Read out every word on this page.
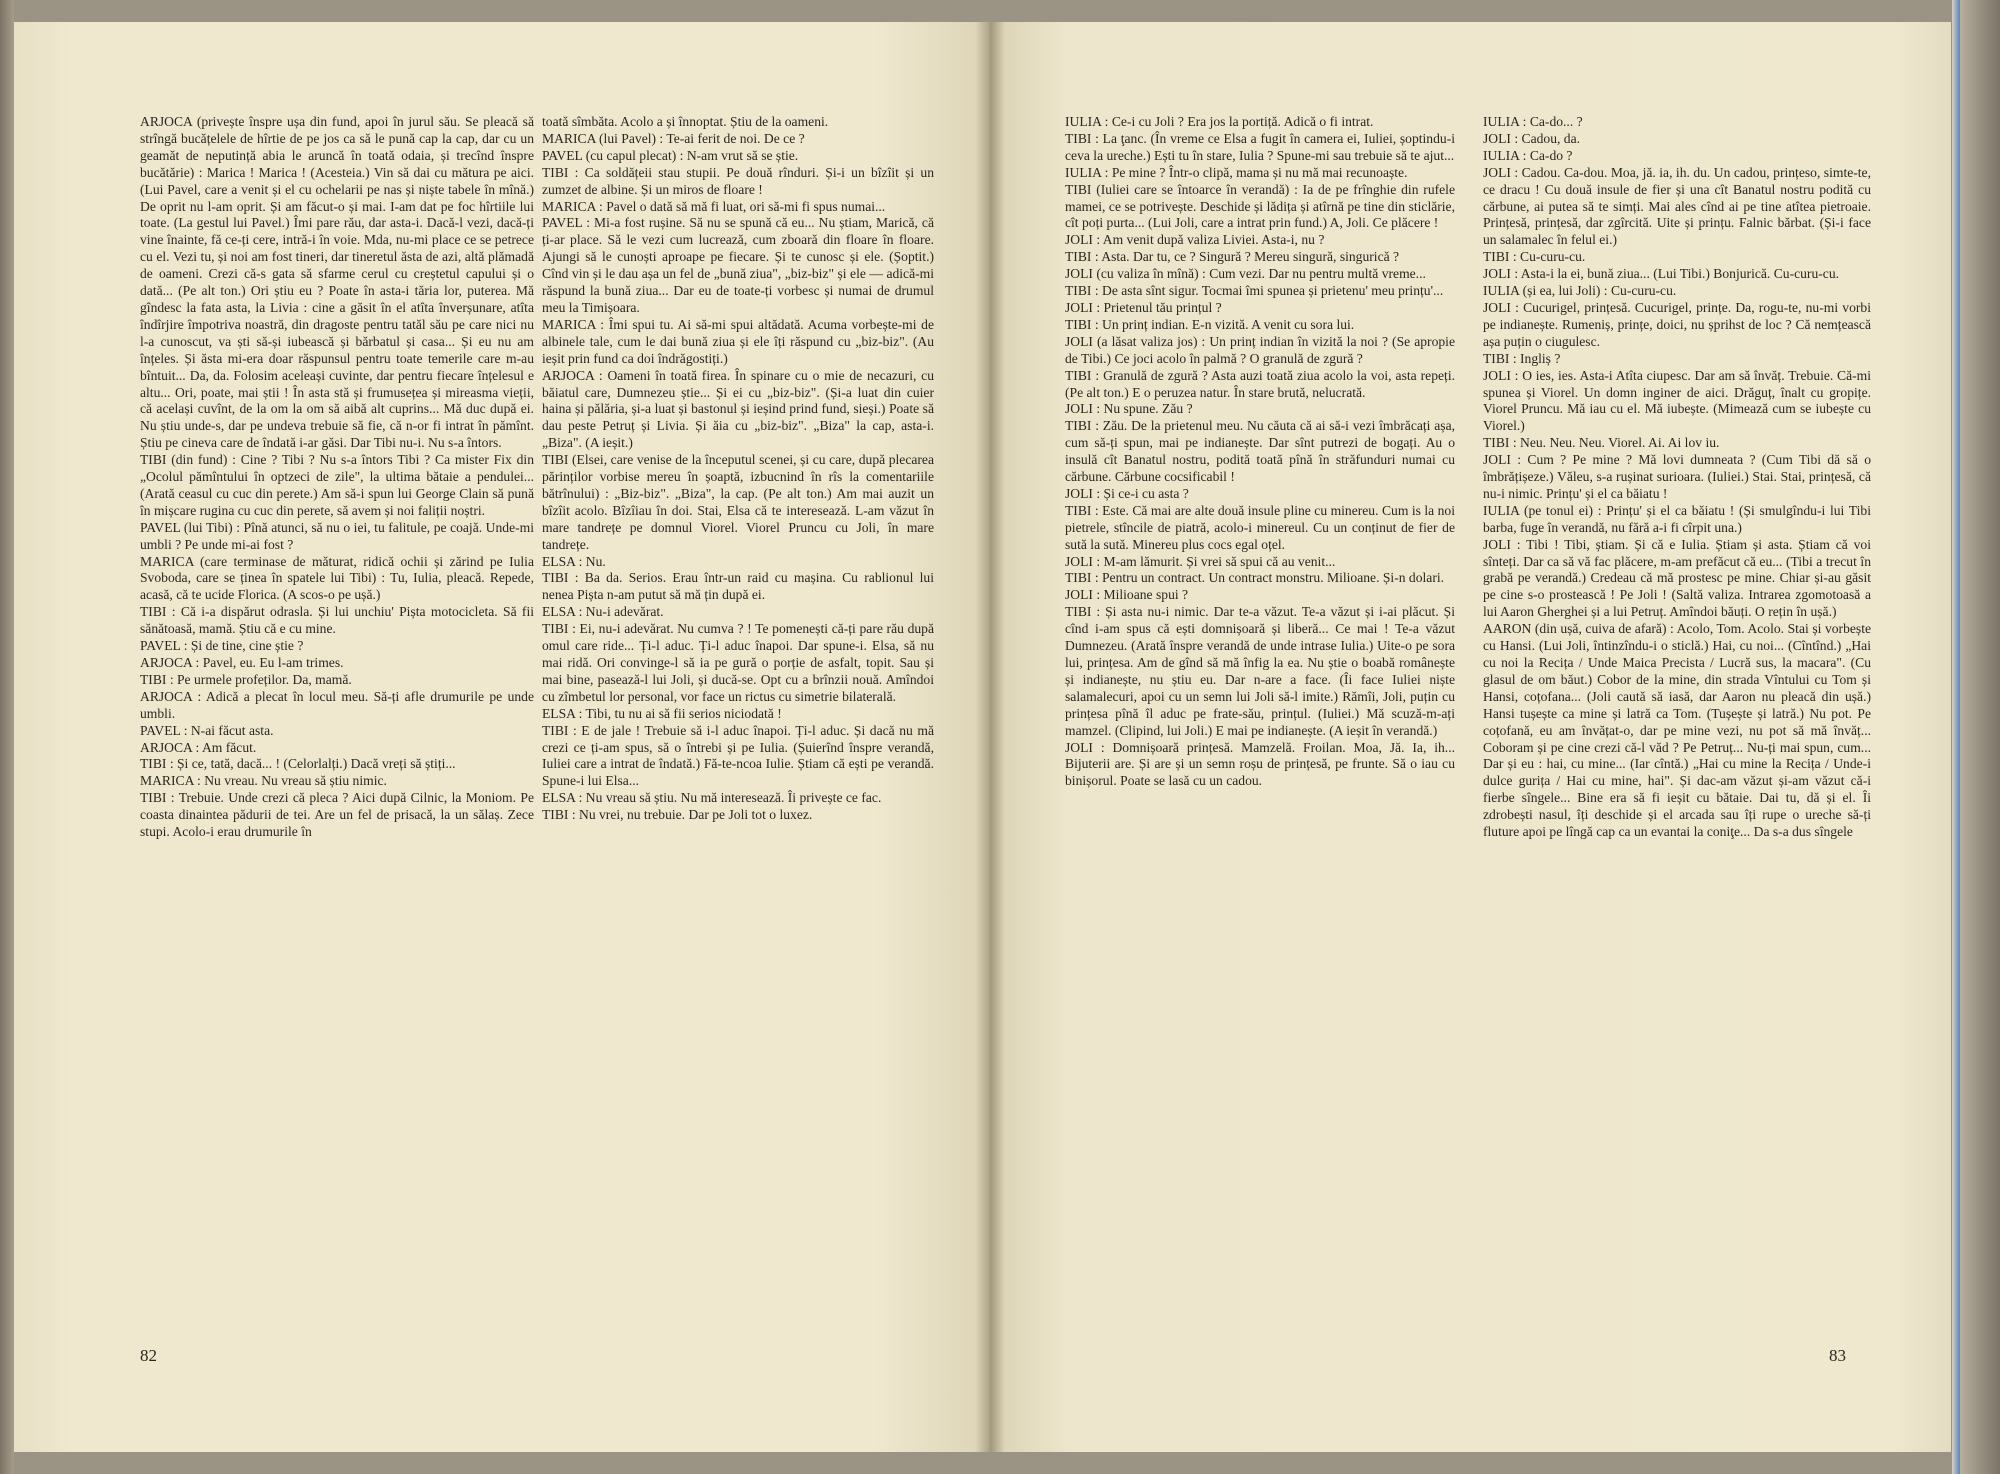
ARJOCA (privește înspre ușa din fund, apoi în jurul său. Se pleacă să strîngă bucățelele de hîrtie de pe jos ca să le pună cap la cap, dar cu un geamăt de neputință abia le aruncă în toată odaia, și trecînd înspre bucătărie) : Marica ! Marica ! (Acesteia.) Vin să dai cu mătura pe aici. (Lui Pavel, care a venit și el cu ochelarii pe nas și niște tabele în mînă.) De oprit nu l-am oprit. Și am făcut-o și mai. I-am dat pe foc hîrtiile lui toate. (La gestul lui Pavel.) Îmi pare rău, dar asta-i. Dacă-l vezi, dacă-ți vine înainte, fă ce-ți cere, intră-i în voie. Mda, nu-mi place ce se petrece cu el. Vezi tu, și noi am fost tineri, dar tineretul ăsta de azi, altă plămadă de oameni. Crezi că-s gata să sfarme cerul cu creștetul capului și o dată... (Pe alt ton.) Ori știu eu ? Poate în asta-i tăria lor, puterea. Mă gîndesc la fata asta, la Livia : cine a găsit în el atîta înverșunare, atîta îndîrjire împotriva noastră, din dragoste pentru tatăl său pe care nici nu l-a cunoscut, va ști să-și iubească și bărbatul și casa... Și eu nu am înțeles. Și ăsta mi-era doar răspunsul pentru toate temerile care m-au bîntuit... Da, da. Folosim aceleași cuvinte, dar pentru fiecare înțelesul e altu... Ori, poate, mai știi ! În asta stă și frumusețea și mireasma vieții, că același cuvînt, de la om la om să aibă alt cuprins... Mă duc după ei. Nu știu unde-s, dar pe undeva trebuie să fie, că n-or fi intrat în pămînt. Știu pe cineva care de îndată i-ar găsi. Dar Tibi nu-i. Nu s-a întors.

TIBI (din fund) : Cine ? Tibi ? Nu s-a întors Tibi ? Ca mister Fix din „Ocolul pămîntului în optzeci de zile", la ultima bătaie a pendulei... (Arată ceasul cu cuc din perete.) Am să-i spun lui George Clain să pună în mișcare rugina cu cuc din perete, să avem și noi faliții noștri.

PAVEL (lui Tibi) : Pînă atunci, să nu o iei, tu falitule, pe coajă. Unde-mi umbli ? Pe unde mi-ai fost ?

MARICA (care terminase de măturat, ridică ochii și zărind pe Iulia Svoboda, care se ținea în spatele lui Tibi) : Tu, Iulia, pleacă. Repede, acasă, că te ucide Florica. (A scos-o pe ușă.)

TIBI : Că i-a dispărut odrasla. Și lui unchiu' Pișta motocicleta. Să fii sănătoasă, mamă. Știu că e cu mine.

PAVEL : Și de tine, cine știe ?

ARJOCA : Pavel, eu. Eu l-am trimes.

TIBI : Pe urmele profeților. Da, mamă.

ARJOCA : Adică a plecat în locul meu. Să-ți afle drumurile pe unde umbli.

PAVEL : N-ai făcut asta.

ARJOCA : Am făcut.

TIBI : Și ce, tată, dacă... ! (Celorlalți.) Dacă vreți să știți...

MARICA : Nu vreau. Nu vreau să știu nimic.

TIBI : Trebuie. Unde crezi că pleca ? Aici după Cilnic, la Moniom. Pe coasta dinaintea pădurii de tei. Are un fel de prisacă, la un sălaș. Zece stupi. Acolo-i erau drumurile în

toată sîmbăta. Acolo a și înnoptat. Știu de la oameni.

MARICA (lui Pavel) : Te-ai ferit de noi. De ce ?

PAVEL (cu capul plecat) : N-am vrut să se știe.

TIBI : Ca soldățeii stau stupii. Pe două rînduri. Și-i un bîzîit și un zumzet de albine. Și un miros de floare !

MARICA : Pavel o dată să mă fi luat, ori să-mi fi spus numai...

PAVEL : Mi-a fost rușine. Să nu se spună că eu... Nu știam, Marică, că ți-ar place. Să le vezi cum lucrează, cum zboară din floare în floare. Ajungi să le cunoști aproape pe fiecare. Și te cunosc și ele. (Șoptit.) Cînd vin și le dau așa un fel de „bună ziua", „biz-biz" și ele — adică-mi răspund la bună ziua... Dar eu de toate-ți vorbesc și numai de drumul meu la Timișoara.

MARICA : Îmi spui tu. Ai să-mi spui altădată. Acuma vorbește-mi de albinele tale, cum le dai bună ziua și ele îți răspund cu „biz-biz". (Au ieșit prin fund ca doi îndrăgostiți.)

ARJOCA : Oameni în toată firea. În spinare cu o mie de necazuri, cu băiatul care, Dumnezeu știe... Și ei cu „biz-biz". (Și-a luat din cuier haina și pălăria, și-a luat și bastonul și ieșind prind fund, sieși.) Poate să dau peste Petruț și Livia. Și ăia cu „biz-biz". „Biza" la cap, asta-i. „Biza". (A ieșit.)

TIBI (Elsei, care venise de la începutul scenei, și cu care, după plecarea părinților vorbise mereu în șoaptă, izbucnind în rîs la comentariile bătrînului) : „Biz-biz". „Biza", la cap. (Pe alt ton.) Am mai auzit un bîzîit acolo. Bîzîiau în doi. Stai, Elsa că te interesează. L-am văzut în mare tandrețe pe domnul Viorel. Viorel Pruncu cu Joli, în mare tandrețe.

ELSA : Nu.

TIBI : Ba da. Serios. Erau într-un raid cu mașina. Cu rablionul lui nenea Pișta n-am putut să mă țin după ei.

ELSA : Nu-i adevărat.

TIBI : Ei, nu-i adevărat. Nu cumva ? ! Te pomenești că-ți pare rău după omul care ride... Ți-l aduc. Ți-l aduc înapoi. Dar spune-i. Elsa, să nu mai ridă. Ori convinge-l să ia pe gură o porție de asfalt, topit. Sau și mai bine, pasează-l lui Joli, și ducă-se. Opt cu a brînzii nouă. Amîndoi cu zîmbetul lor personal, vor face un rictus cu simetrie bilaterală.

ELSA : Tibi, tu nu ai să fii serios niciodată !

TIBI : E de jale ! Trebuie să i-l aduc înapoi. Ți-l aduc. Și dacă nu mă crezi ce ți-am spus, să o întrebi și pe Iulia. (Șuierînd înspre verandă, Iuliei care a intrat de îndată.) Fă-te-ncoa Iulie. Știam că ești pe verandă. Spune-i lui Elsa...

ELSA : Nu vreau să știu. Nu mă interesează. Îi privește ce fac.

TIBI : Nu vrei, nu trebuie. Dar pe Joli tot o luxez.

82

IULIA : Ce-i cu Joli ? Era jos la portiță. Adică o fi intrat.

TIBI : La ţanc. (În vreme ce Elsa a fugit în camera ei, Iuliei, șoptindu-i ceva la ureche.) Ești tu în stare, Iulia ? Spune-mi sau trebuie să te ajut...

IULIA : Pe mine ? Într-o clipă, mama și nu mă mai recunoaște.

TIBI (Iuliei care se întoarce în verandă) : Ia de pe frînghie din rufele mamei, ce se potrivește. Deschide și lădița și atîrnă pe tine din sticlărie, cît poți purta... (Lui Joli, care a intrat prin fund.) A, Joli. Ce plăcere !

JOLI : Am venit după valiza Liviei. Asta-i, nu ?

TIBI : Asta. Dar tu, ce ? Singură ? Mereu singură, singurică ?

JOLI (cu valiza în mînă) : Cum vezi. Dar nu pentru multă vreme...

TIBI : De asta sînt sigur. Tocmai îmi spunea și prietenu' meu prințu'...

JOLI : Prietenul tău prințul ?

TIBI : Un prinț indian. E-n vizită. A venit cu sora lui.

JOLI (a lăsat valiza jos) : Un prinț indian în vizită la noi ? (Se apropie de Tibi.) Ce joci acolo în palmă ? O granulă de zgură ?

TIBI : Granulă de zgură ? Asta auzi toată ziua acolo la voi, asta repeți. (Pe alt ton.) E o peruzea natur. În stare brută, nelucrată.

JOLI : Nu spune. Zău ?

TIBI : Zău. De la prietenul meu. Nu căuta că ai să-i vezi îmbrăcați așa, cum să-ți spun, mai pe indianește. Dar sînt putrezi de bogați. Au o insulă cît Banatul nostru, podită toată pînă în străfunduri numai cu cărbune. Cărbune cocsificabil !

JOLI : Și ce-i cu asta ?

TIBI : Este. Că mai are alte două insule pline cu minereu. Cum is la noi pietrele, stîncile de piatră, acolo-i minereul. Cu un conținut de fier de sută la sută. Minereu plus cocs egal oțel.

JOLI : M-am lămurit. Și vrei să spui că au venit...

TIBI : Pentru un contract. Un contract monstru. Milioane. Și-n dolari.

JOLI : Milioane spui ?

TIBI : Și asta nu-i nimic. Dar te-a văzut. Te-a văzut și i-ai plăcut. Și cînd i-am spus că ești domnișoară și liberă... Ce mai ! Te-a văzut Dumnezeu. (Arată înspre verandă de unde intrase Iulia.) Uite-o pe sora lui, prințesa. Am de gînd să mă înfig la ea. Nu știe o boabă românește și indianește, nu știu eu. Dar n-are a face. (Îi face Iuliei niște salamalecuri, apoi cu un semn lui Joli să-l imite.) Rămîi, Joli, puțin cu prințesa pînă îl aduc pe frate-său, prințul. (Iuliei.) Mă scuză-m-ați mamzel. (Clipind, lui Joli.) E mai pe indianește. (A ieșit în verandă.)

JOLI : Domnișoară prințesă. Mamzelă. Froilan. Moa, Jă. Ia, ih... Bijuterii are. Și are și un semn roșu de prințesă, pe frunte. Să o iau cu binișorul. Poate se lasă cu un cadou.

IULIA : Ca-do... ?

JOLI : Cadou, da.

IULIA : Ca-do ?

JOLI : Cadou. Ca-dou. Moa, jă. ia, ih. du. Un cadou, prințeso, simte-te, ce dracu ! Cu două insule de fier și una cît Banatul nostru podită cu cărbune, ai putea să te simți. Mai ales cînd ai pe tine atîtea pietroaie. Prințesă, prințesă, dar zgîrcită. Uite și prințu. Falnic bărbat. (Și-i face un salamalec în felul ei.)

TIBI : Cu-curu-cu.

JOLI : Asta-i la ei, bună ziua... (Lui Tibi.) Bonjurică. Cu-curu-cu.

IULIA (și ea, lui Joli) : Cu-curu-cu.

JOLI : Cucurigel, prințesă. Cucurigel, prințe. Da, rogu-te, nu-mi vorbi pe indianește. Rumeniș, prințe, doici, nu șprihst de loc ? Că nemțească așa puțin o ciugulesc.

TIBI : Ingliș ?

JOLI : O ies, ies. Asta-i Atîta ciupesc. Dar am să învăț. Trebuie. Că-mi spunea și Viorel. Un domn inginer de aici. Drăguț, înalt cu gropițe. Viorel Pruncu. Mă iau cu el. Mă iubește. (Mimează cum se iubește cu Viorel.)

TIBI : Neu. Neu. Neu. Viorel. Ai. Ai lov iu.

JOLI : Cum ? Pe mine ? Mă lovi dumneata ? (Cum Tibi dă să o îmbrățișeze.) Văleu, s-a rușinat surioara. (Iuliei.) Stai. Stai, prințesă, că nu-i nimic. Prințu' și el ca băiatu !

IULIA (pe tonul ei) : Prințu' și el ca băiatu ! (Și smulgîndu-i lui Tibi barba, fuge în verandă, nu fără a-i fi cîrpit una.)

JOLI : Tibi ! Tibi, știam. Și că e Iulia. Știam și asta. Știam că voi sînteți. Dar ca să vă fac plăcere, m-am prefăcut că eu... (Tibi a trecut în grabă pe verandă.) Credeau că mă prostesc pe mine. Chiar și-au găsit pe cine s-o prostească ! Pe Joli ! (Saltă valiza. Intrarea zgomotoasă a lui Aaron Gherghei și a lui Petruț. Amîndoi băuți. O rețin în ușă.)

AARON (din ușă, cuiva de afară) : Acolo, Tom. Acolo. Stai și vorbește cu Hansi. (Lui Joli, întinzîndu-i o sticlă.) Hai, cu noi... (Cîntînd.) „Hai cu noi la Recița / Unde Maica Precista / Lucră sus, la macara". (Cu glasul de om băut.) Cobor de la mine, din strada Vîntului cu Tom și Hansi, coțofana... (Joli caută să iasă, dar Aaron nu pleacă din ușă.) Hansi tușește ca mine și latră ca Tom. (Tușește și latră.) Nu pot. Pe coțofană, eu am învățat-o, dar pe mine vezi, nu pot să mă învăț... Coboram și pe cine crezi că-l văd ? Pe Petruț... Nu-ți mai spun, cum... Dar și eu : hai, cu mine... (Iar cîntă.) „Hai cu mine la Recița / Unde-i dulce gurița / Hai cu mine, hai". Și dac-am văzut și-am văzut că-i fierbe sîngele... Bine era să fi ieșit cu bătaie. Dai tu, dă și el. Îi zdrobești nasul, îți deschide și el arcada sau îți rupe o ureche să-ți fluture apoi pe lîngă cap ca un evantai la coniţe... Da s-a dus sîngele

83
